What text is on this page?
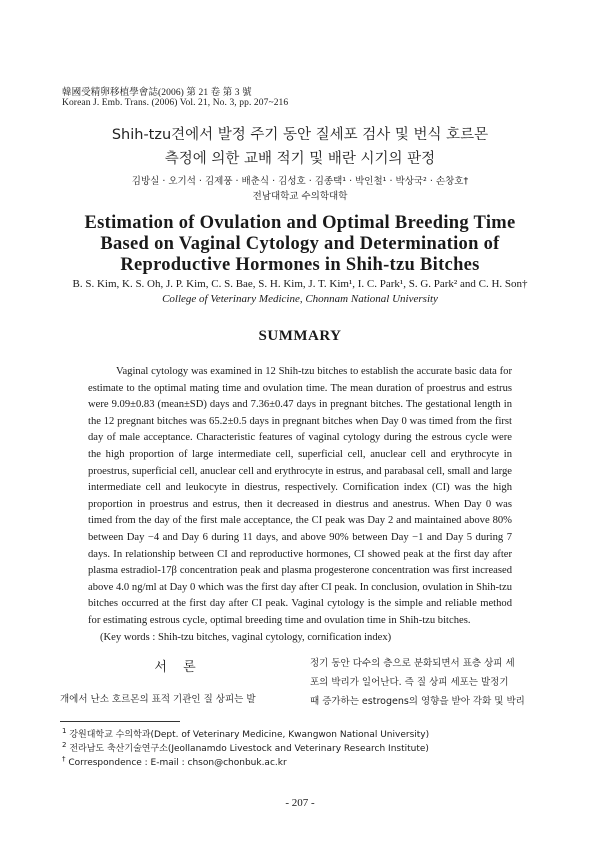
韓國受精卵移植學會誌(2006) 第 21 卷 第 3 號
Korean J. Emb. Trans. (2006) Vol. 21, No. 3, pp. 207~216
Shih-tzu견에서 발정 주기 동안 질세포 검사 및 번식 호르몬
측정에 의한 교배 적기 및 배란 시기의 판정
김방실 · 오기석 · 김제풍 · 배춘식 · 김성호 · 김종택¹ · 박인철¹ · 박상국² · 손창호†
전남대학교 수의학대학
Estimation of Ovulation and Optimal Breeding Time
Based on Vaginal Cytology and Determination of
Reproductive Hormones in Shih-tzu Bitches
B. S. Kim, K. S. Oh, J. P. Kim, C. S. Bae, S. H. Kim, J. T. Kim¹, I. C. Park¹, S. G. Park² and C. H. Son†
College of Veterinary Medicine, Chonnam National University
SUMMARY

Vaginal cytology was examined in 12 Shih-tzu bitches to establish the accurate basic data for estimate to the optimal mating time and ovulation time. The mean duration of proestrus and estrus were 9.09±0.83 (mean±SD) days and 7.36±0.47 days in pregnant bitches. The gestational length in the 12 pregnant bitches was 65.2±0.5 days in pregnant bitches when Day 0 was timed from the first day of male acceptance. Characteristic features of vaginal cytology during the estrous cycle were the high proportion of large intermediate cell, superficial cell, anuclear cell and erythrocyte in proestrus, superficial cell, anuclear cell and erythrocyte in estrus, and parabasal cell, small and large intermediate cell and leukocyte in diestrus, respectively. Cornification index (CI) was the high proportion in proestrus and estrus, then it decreased in diestrus and anestrus. When Day 0 was timed from the day of the first male acceptance, the CI peak was Day 2 and maintained above 80% between Day −4 and Day 6 during 11 days, and above 90% between Day −1 and Day 5 during 7 days. In relationship between CI and reproductive hormones, CI showed peak at the first day after plasma estradiol-17β concentration peak and plasma progesterone concentration was first increased above 4.0 ng/ml at Day 0 which was the first day after CI peak. In conclusion, ovulation in Shih-tzu bitches occurred at the first day after CI peak. Vaginal cytology is the simple and reliable method for estimating estrous cycle, optimal breeding time and ovulation time in Shih-tzu bitches.

(Key words : Shih-tzu bitches, vaginal cytology, cornification index)

서 론
개에서 난소 호르몬의 표적 기관인 질 상피는 발
정기 동안 다수의 층으로 분화되면서 표층 상피 세
포의 박리가 일어난다. 즉 질 상피 세포는 발정기
때 증가하는 estrogens의 영향을 받아 각화 및 박리
$^1$ 강원대학교 수의학과(Dept. of Veterinary Medicine, Kwangwon National University)
$^2$ 전라남도 축산기술연구소(Jeollanamdo Livestock and Veterinary Research Institute)
† Correspondence : E-mail : chson@chonbuk.ac.kr
- 207 -
